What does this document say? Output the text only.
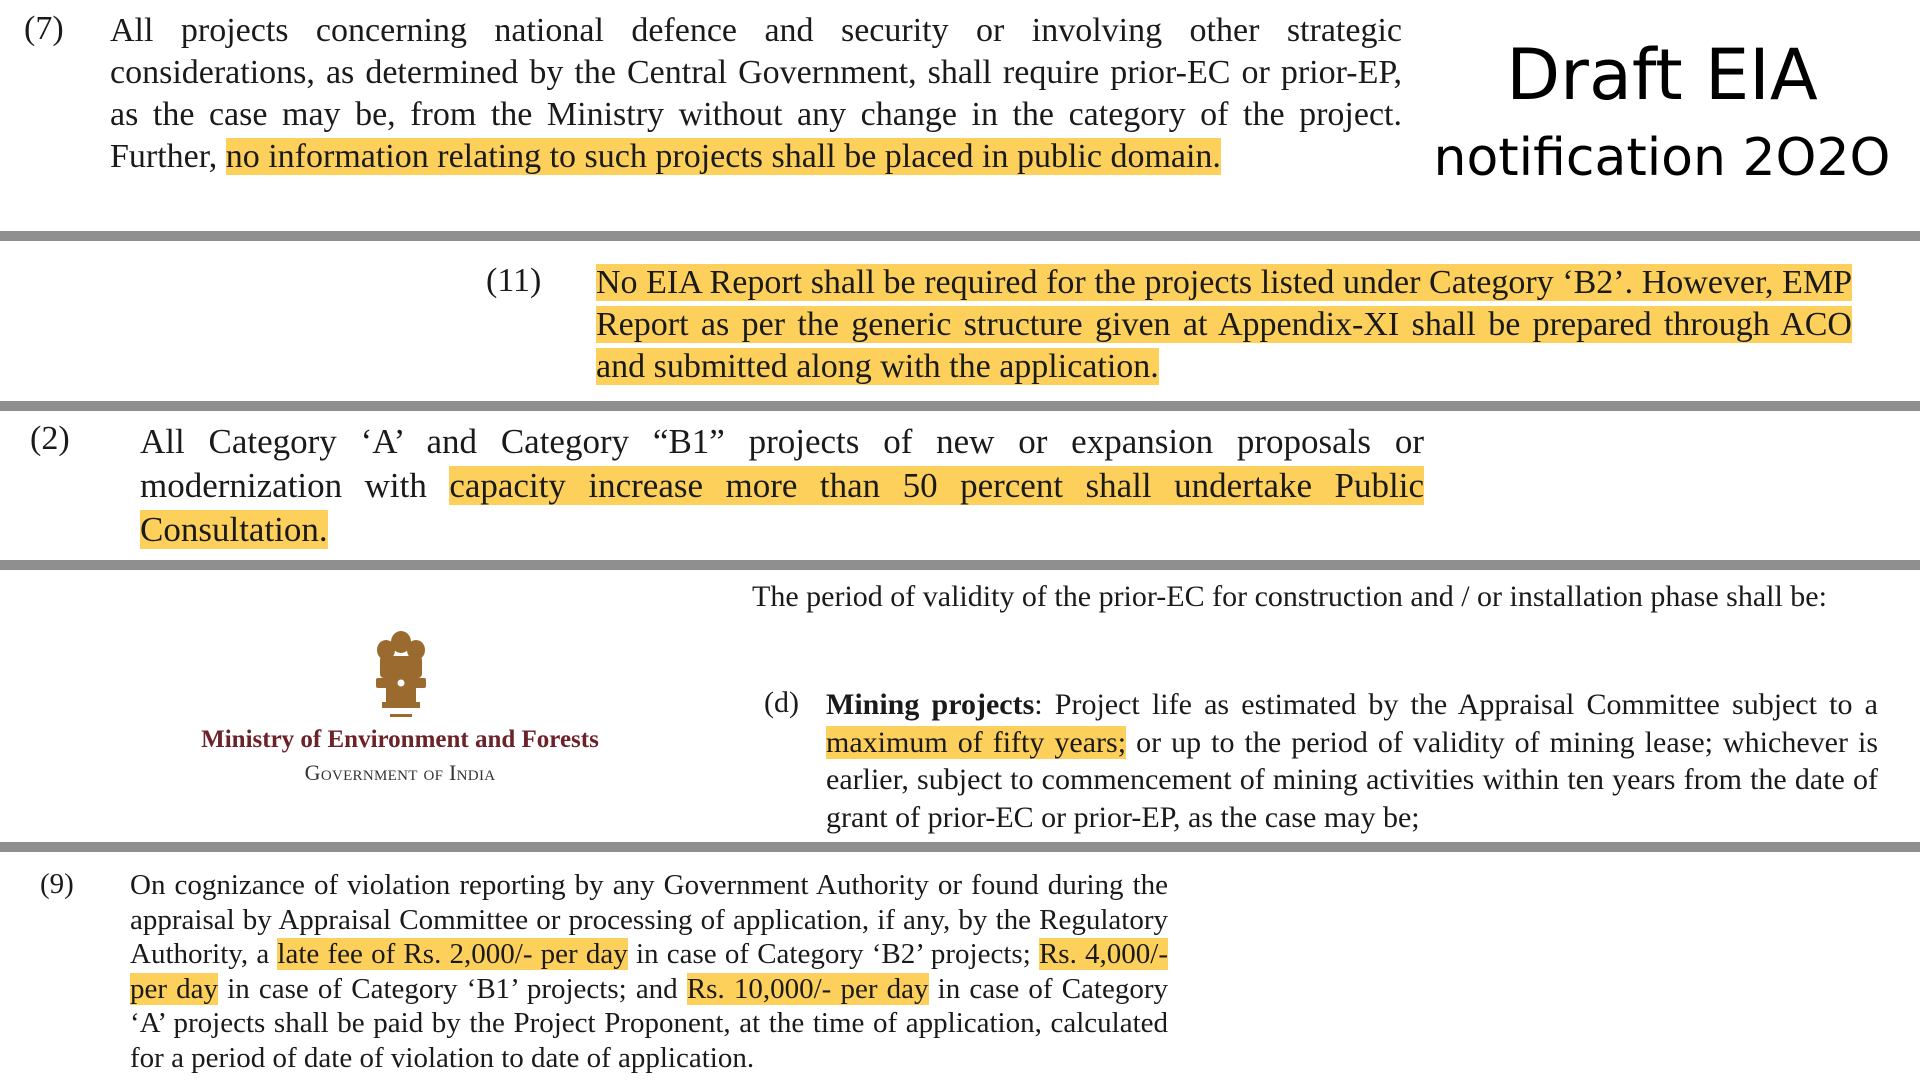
Draft EIA
notification 2O2O
(7) All projects concerning national defence and security or involving other strategic considerations, as determined by the Central Government, shall require prior-EC or prior-EP, as the case may be, from the Ministry without any change in the category of the project. Further, no information relating to such projects shall be placed in public domain.
(11) No EIA Report shall be required for the projects listed under Category ‘B2’. However, EMP Report as per the generic structure given at Appendix-XI shall be prepared through ACO and submitted along with the application.
(2) All Category ‘A’ and Category “B1” projects of new or expansion proposals or modernization with capacity increase more than 50 percent shall undertake Public Consultation.
Ministry of Environment and Forests
Government of India
The period of validity of the prior-EC for construction and / or installation phase shall be:
(d) Mining projects: Project life as estimated by the Appraisal Committee subject to a maximum of fifty years; or up to the period of validity of mining lease; whichever is earlier, subject to commencement of mining activities within ten years from the date of grant of prior-EC or prior-EP, as the case may be;
(9) On cognizance of violation reporting by any Government Authority or found during the appraisal by Appraisal Committee or processing of application, if any, by the Regulatory Authority, a late fee of Rs. 2,000/- per day in case of Category ‘B2’ projects; Rs. 4,000/- per day in case of Category ‘B1’ projects; and Rs. 10,000/- per day in case of Category ‘A’ projects shall be paid by the Project Proponent, at the time of application, calculated for a period of date of violation to date of application.
